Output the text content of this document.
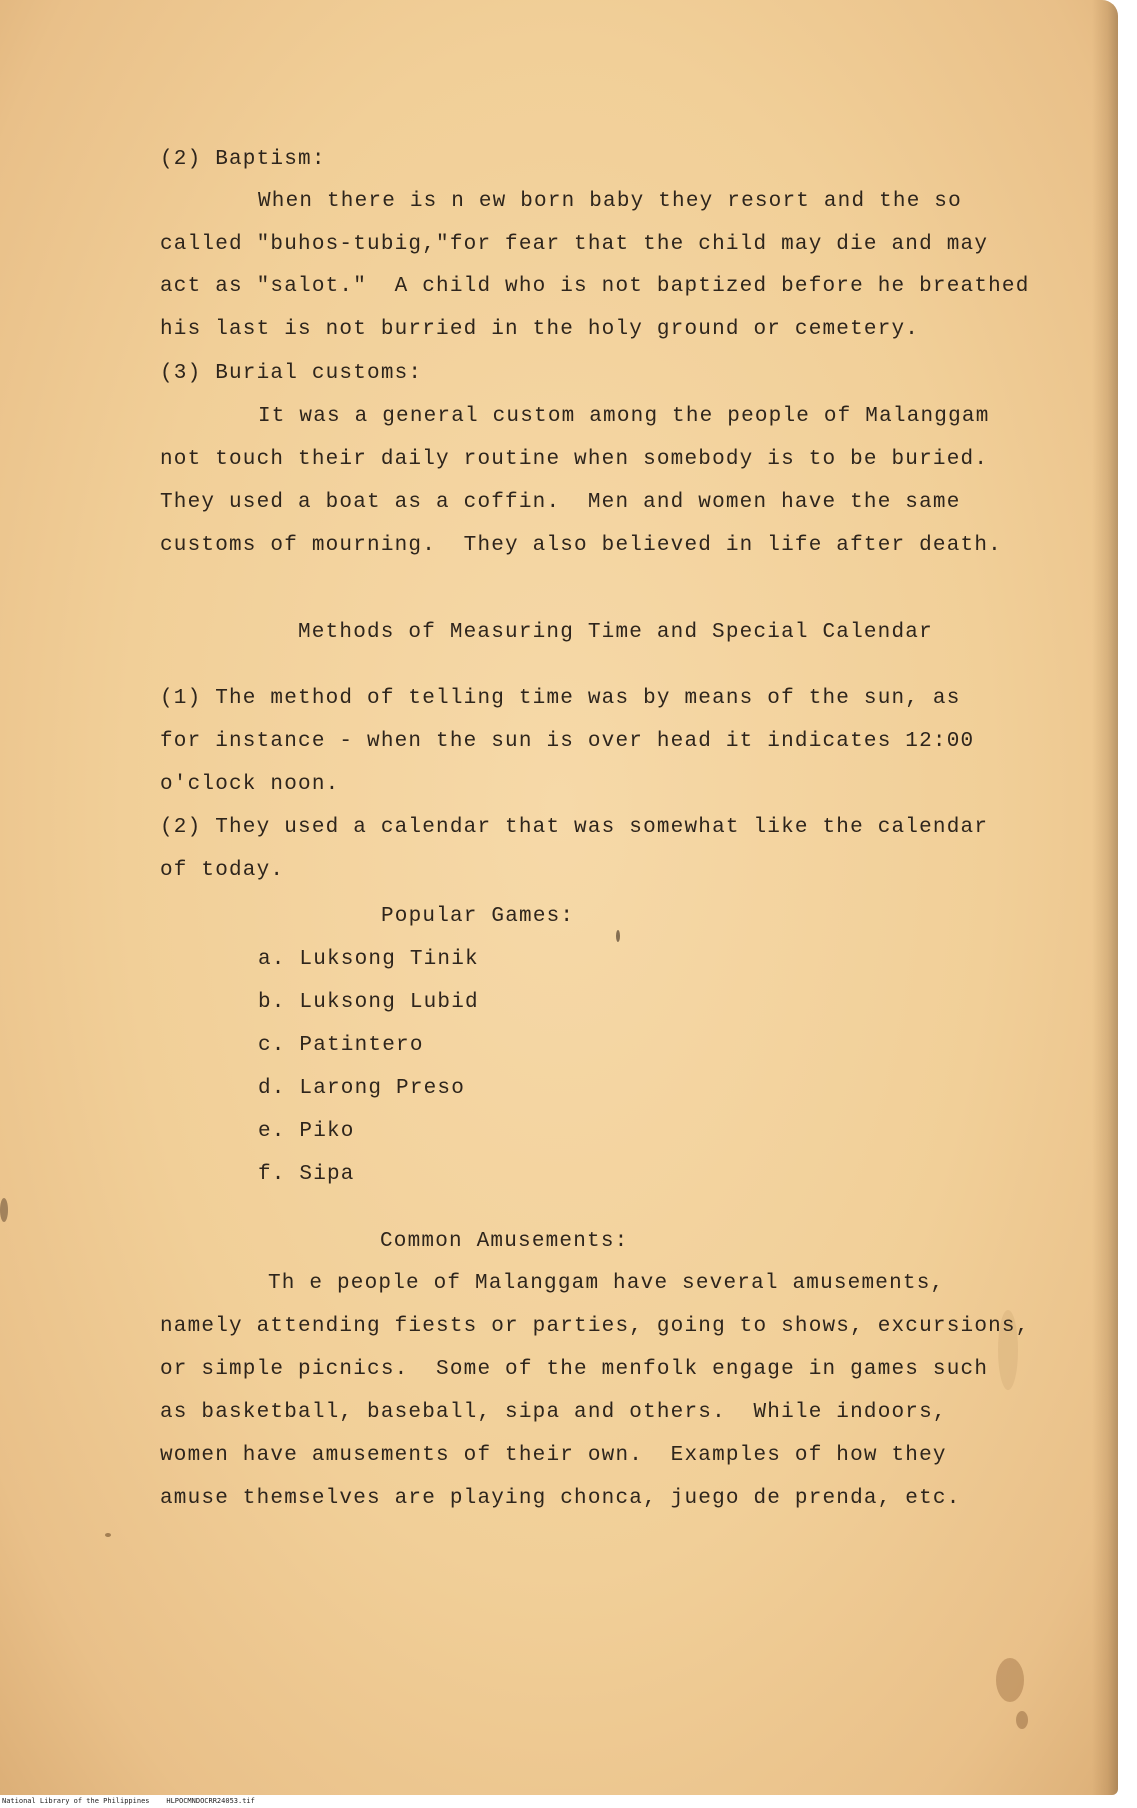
(2) Baptism:
When there is n ew born baby they resort and the so
called "buhos-tubig,"for fear that the child may die and may
act as "salot."  A child who is not baptized before he breathed
his last is not burried in the holy ground or cemetery.
(3) Burial customs:
It was a general custom among the people of Malanggam
not touch their daily routine when somebody is to be buried.
They used a boat as a coffin.  Men and women have the same
customs of mourning.  They also believed in life after death.
Methods of Measuring Time and Special Calendar
(1) The method of telling time was by means of the sun, as
for instance - when the sun is over head it indicates 12:00
o'clock noon.
(2) They used a calendar that was somewhat like the calendar
of today.
Popular Games:
a. Luksong Tinik
b. Luksong Lubid
c. Patintero
d. Larong Preso
e. Piko
f. Sipa
Common Amusements:
Th e people of Malanggam have several amusements,
namely attending fiests or parties, going to shows, excursions,
or simple picnics.  Some of the menfolk engage in games such
as basketball, baseball, sipa and others.  While indoors,
women have amusements of their own.  Examples of how they
amuse themselves are playing chonca, juego de prenda, etc.
National Library of the Philippines    HLPOCMNDOCRR24053.tif
